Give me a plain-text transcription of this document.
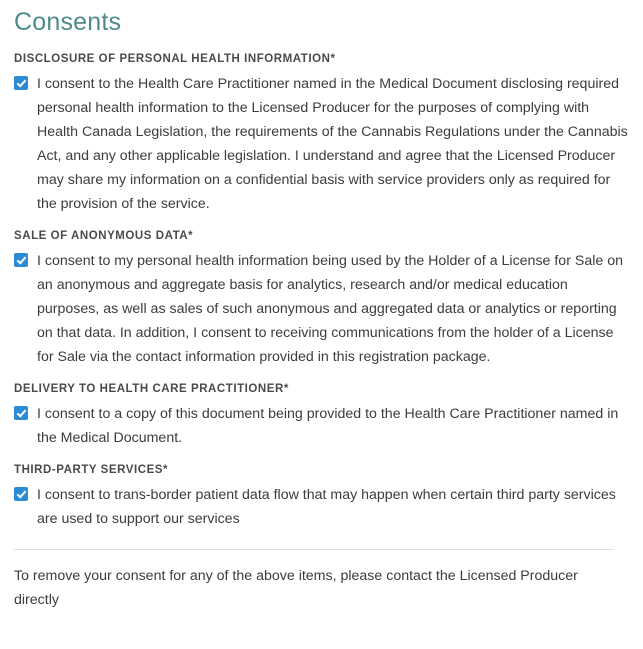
Consents
DISCLOSURE OF PERSONAL HEALTH INFORMATION*
I consent to the Health Care Practitioner named in the Medical Document disclosing required personal health information to the Licensed Producer for the purposes of complying with Health Canada Legislation, the requirements of the Cannabis Regulations under the Cannabis Act, and any other applicable legislation. I understand and agree that the Licensed Producer may share my information on a confidential basis with service providers only as required for the provision of the service.
SALE OF ANONYMOUS DATA*
I consent to my personal health information being used by the Holder of a License for Sale on an anonymous and aggregate basis for analytics, research and/or medical education purposes, as well as sales of such anonymous and aggregated data or analytics or reporting on that data. In addition, I consent to receiving communications from the holder of a License for Sale via the contact information provided in this registration package.
DELIVERY TO HEALTH CARE PRACTITIONER*
I consent to a copy of this document being provided to the Health Care Practitioner named in the Medical Document.
THIRD-PARTY SERVICES*
I consent to trans-border patient data flow that may happen when certain third party services are used to support our services
To remove your consent for any of the above items, please contact the Licensed Producer directly
